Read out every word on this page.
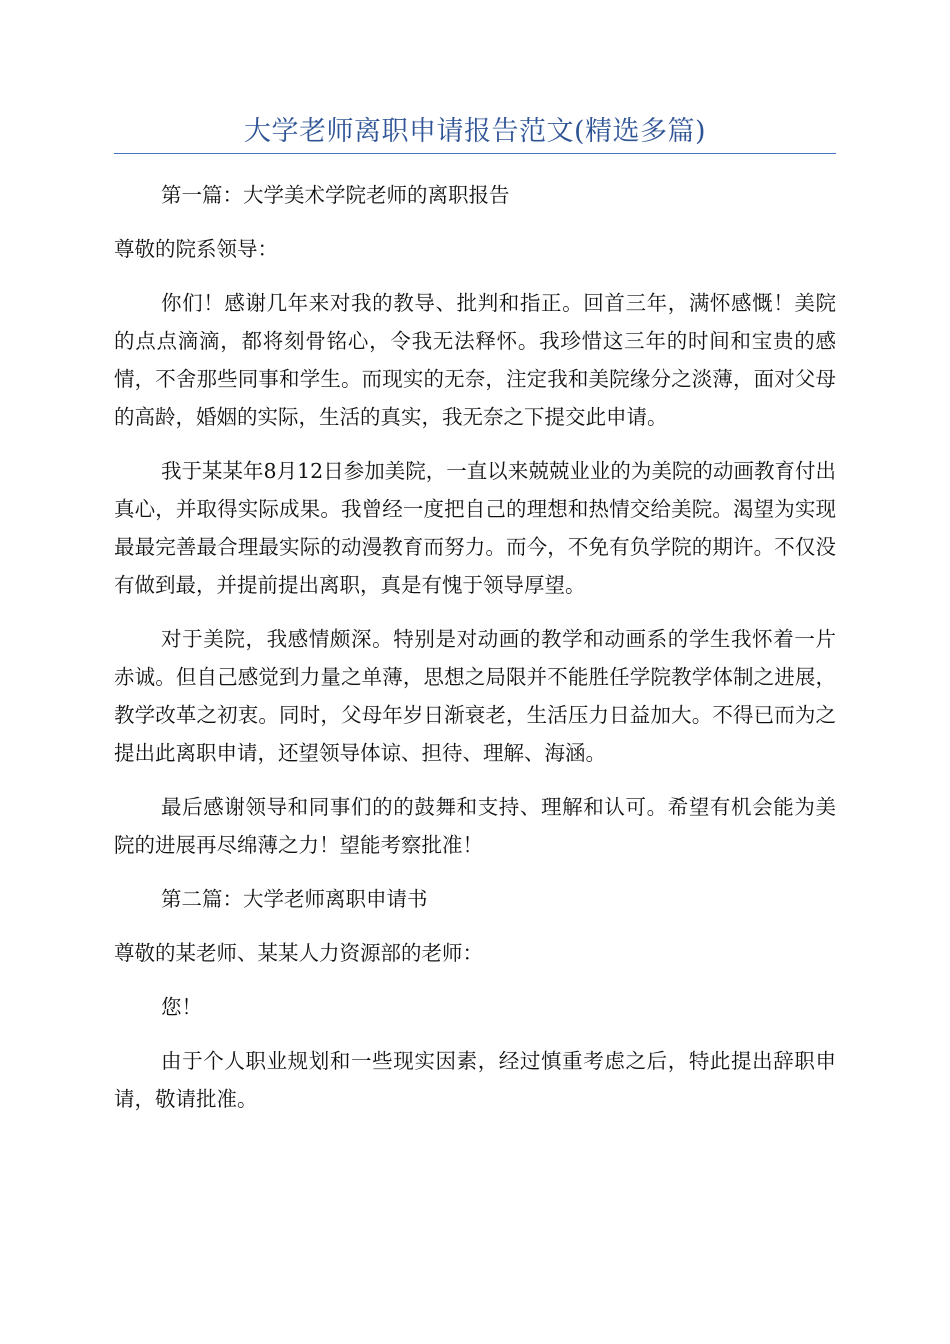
大学老师离职申请报告范文(精选多篇)

第一篇：大学美术学院老师的离职报告

尊敬的院系领导：

你们！感谢几年来对我的教导、批判和指正。回首三年，满怀感慨！美院的点点滴滴，都将刻骨铭心，令我无法释怀。我珍惜这三年的时间和宝贵的感情，不舍那些同事和学生。而现实的无奈，注定我和美院缘分之淡薄，面对父母的高龄，婚姻的实际，生活的真实，我无奈之下提交此申请。

我于某某年8月12日参加美院，一直以来兢兢业业的为美院的动画教育付出真心，并取得实际成果。我曾经一度把自己的理想和热情交给美院。渴望为实现最最完善最合理最实际的动漫教育而努力。而今，不免有负学院的期许。不仅没有做到最，并提前提出离职，真是有愧于领导厚望。

对于美院，我感情颇深。特别是对动画的教学和动画系的学生我怀着一片赤诚。但自己感觉到力量之单薄，思想之局限并不能胜任学院教学体制之进展，教学改革之初衷。同时，父母年岁日渐衰老，生活压力日益加大。不得已而为之提出此离职申请，还望领导体谅、担待、理解、海涵。

最后感谢领导和同事们的的鼓舞和支持、理解和认可。希望有机会能为美院的进展再尽绵薄之力！望能考察批准！

第二篇：大学老师离职申请书

尊敬的某老师、某某人力资源部的老师：

您！

由于个人职业规划和一些现实因素，经过慎重考虑之后，特此提出辞职申请，敬请批准。
